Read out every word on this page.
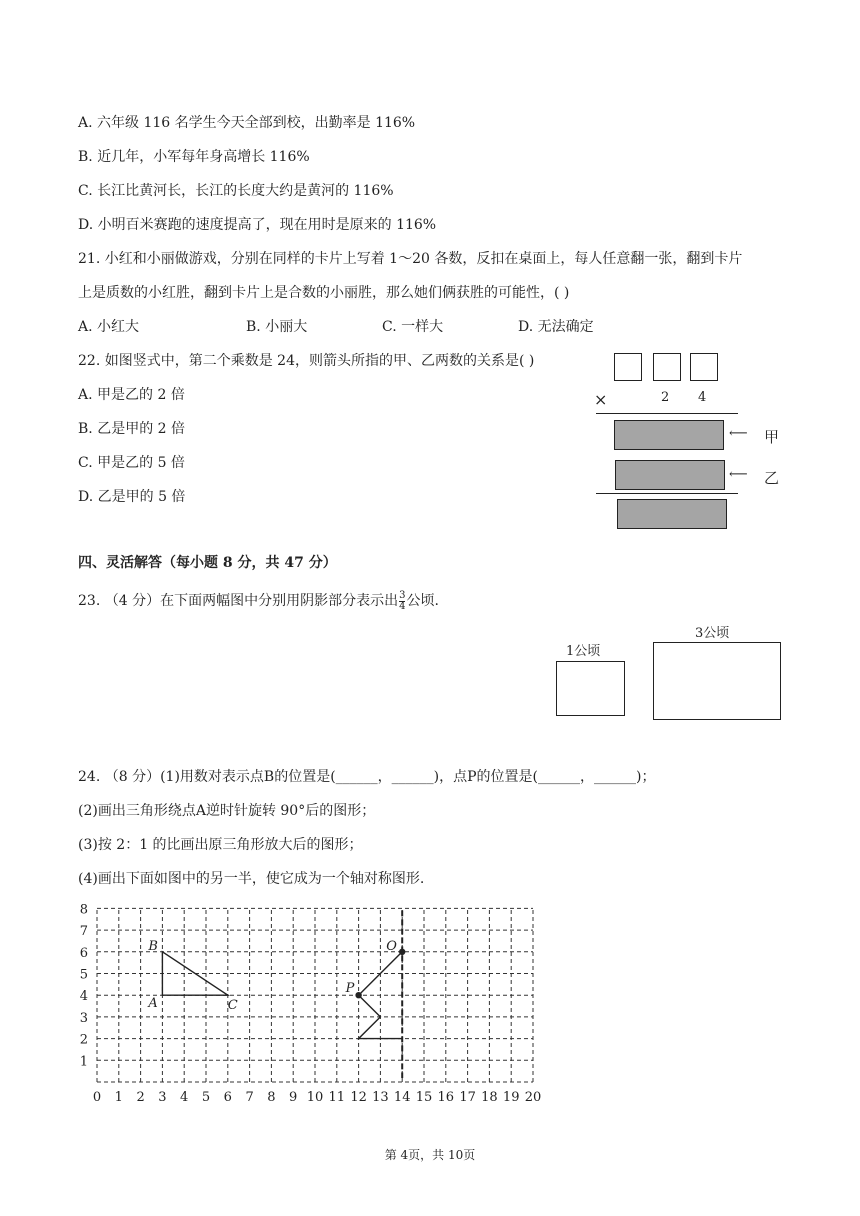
A. 六年级 116 名学生今天全部到校，出勤率是 116%
B. 近几年，小军每年身高增长 116%
C. 长江比黄河长，长江的长度大约是黄河的 116%
D. 小明百米赛跑的速度提高了，现在用时是原来的 116%
21. 小红和小丽做游戏，分别在同样的卡片上写着 1～20 各数，反扣在桌面上，每人任意翻一张，翻到卡片
上是质数的小红胜，翻到卡片上是合数的小丽胜，那么她们俩获胜的可能性，( )
A. 小红大	B. 小丽大	C. 一样大	D. 无法确定
22. 如图竖式中，第二个乘数是 24，则箭头所指的甲、乙两数的关系是( )
A. 甲是乙的 2 倍
B. 乙是甲的 2 倍
C. 甲是乙的 5 倍
D. 乙是甲的 5 倍
×	2 4
⟵ 甲
⟵ 乙
四、灵活解答（每小题 8 分，共 47 分）
23. （4 分）在下面两幅图中分别用阴影部分表示出 $\frac{3}{4}$ 公顷.
1公顷
3公顷
24. （8 分）(1)用数对表示点B的位置是(______，______)，点P的位置是(______，______)；
(2)画出三角形绕点A逆时针旋转 90°后的图形；
(3)按 2：1 的比画出原三角形放大后的图形；
(4)画出下面如图中的另一半，使它成为一个轴对称图形.
0 1 2 3 4 5 6 7 8 9 10 11 12 13 14 15 16 17 18 19 20
1
2
3
4
5
6
7
8
A
B
C
O
P
第 4页，共 10页
